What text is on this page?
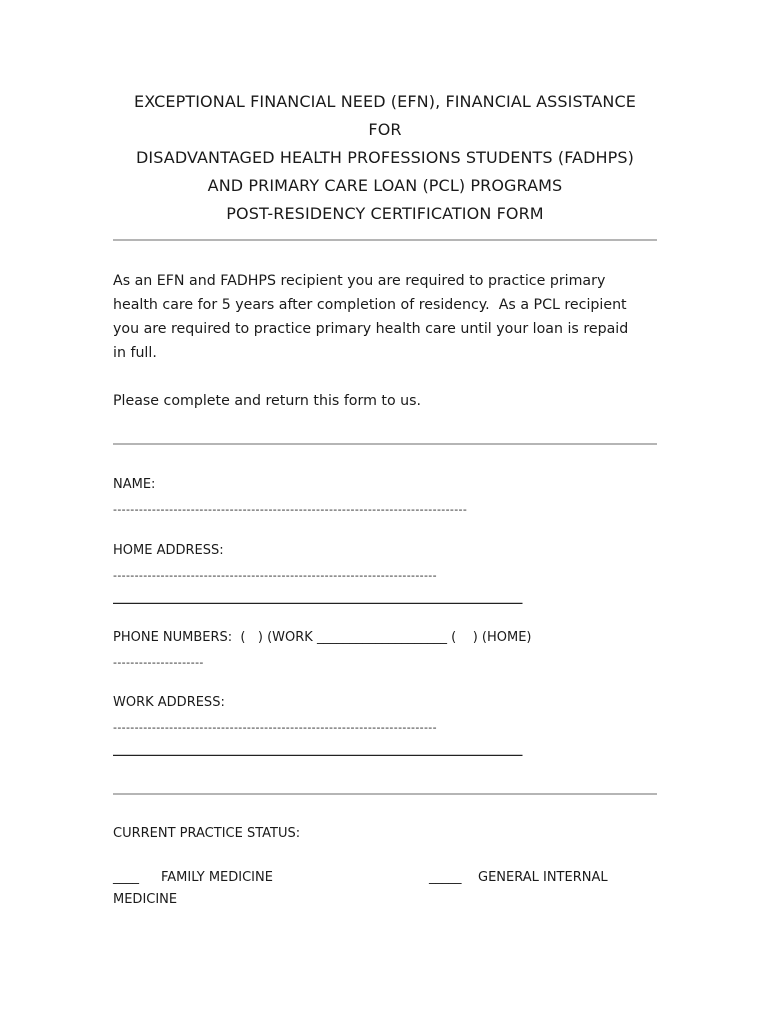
EXCEPTIONAL FINANCIAL NEED (EFN), FINANCIAL ASSISTANCE
FOR
DISADVANTAGED HEALTH PROFESSIONS STUDENTS (FADHPS)
AND PRIMARY CARE LOAN (PCL) PROGRAMS
POST-RESIDENCY CERTIFICATION FORM
As an EFN and FADHPS recipient you are required to practice primary
health care for 5 years after completion of residency.  As a PCL recipient
you are required to practice primary health care until your loan is repaid
in full.
Please complete and return this form to us.
NAME:
----------------------------------------------------------------------------------
HOME ADDRESS:
---------------------------------------------------------------------------
_______________________________________________________________
PHONE NUMBERS:  (   ) (WORK ____________________ (    ) (HOME)
---------------------
WORK ADDRESS:
---------------------------------------------------------------------------
_______________________________________________________________
CURRENT PRACTICE STATUS:
____ FAMILY MEDICINE	_____ GENERAL INTERNAL
MEDICINE
